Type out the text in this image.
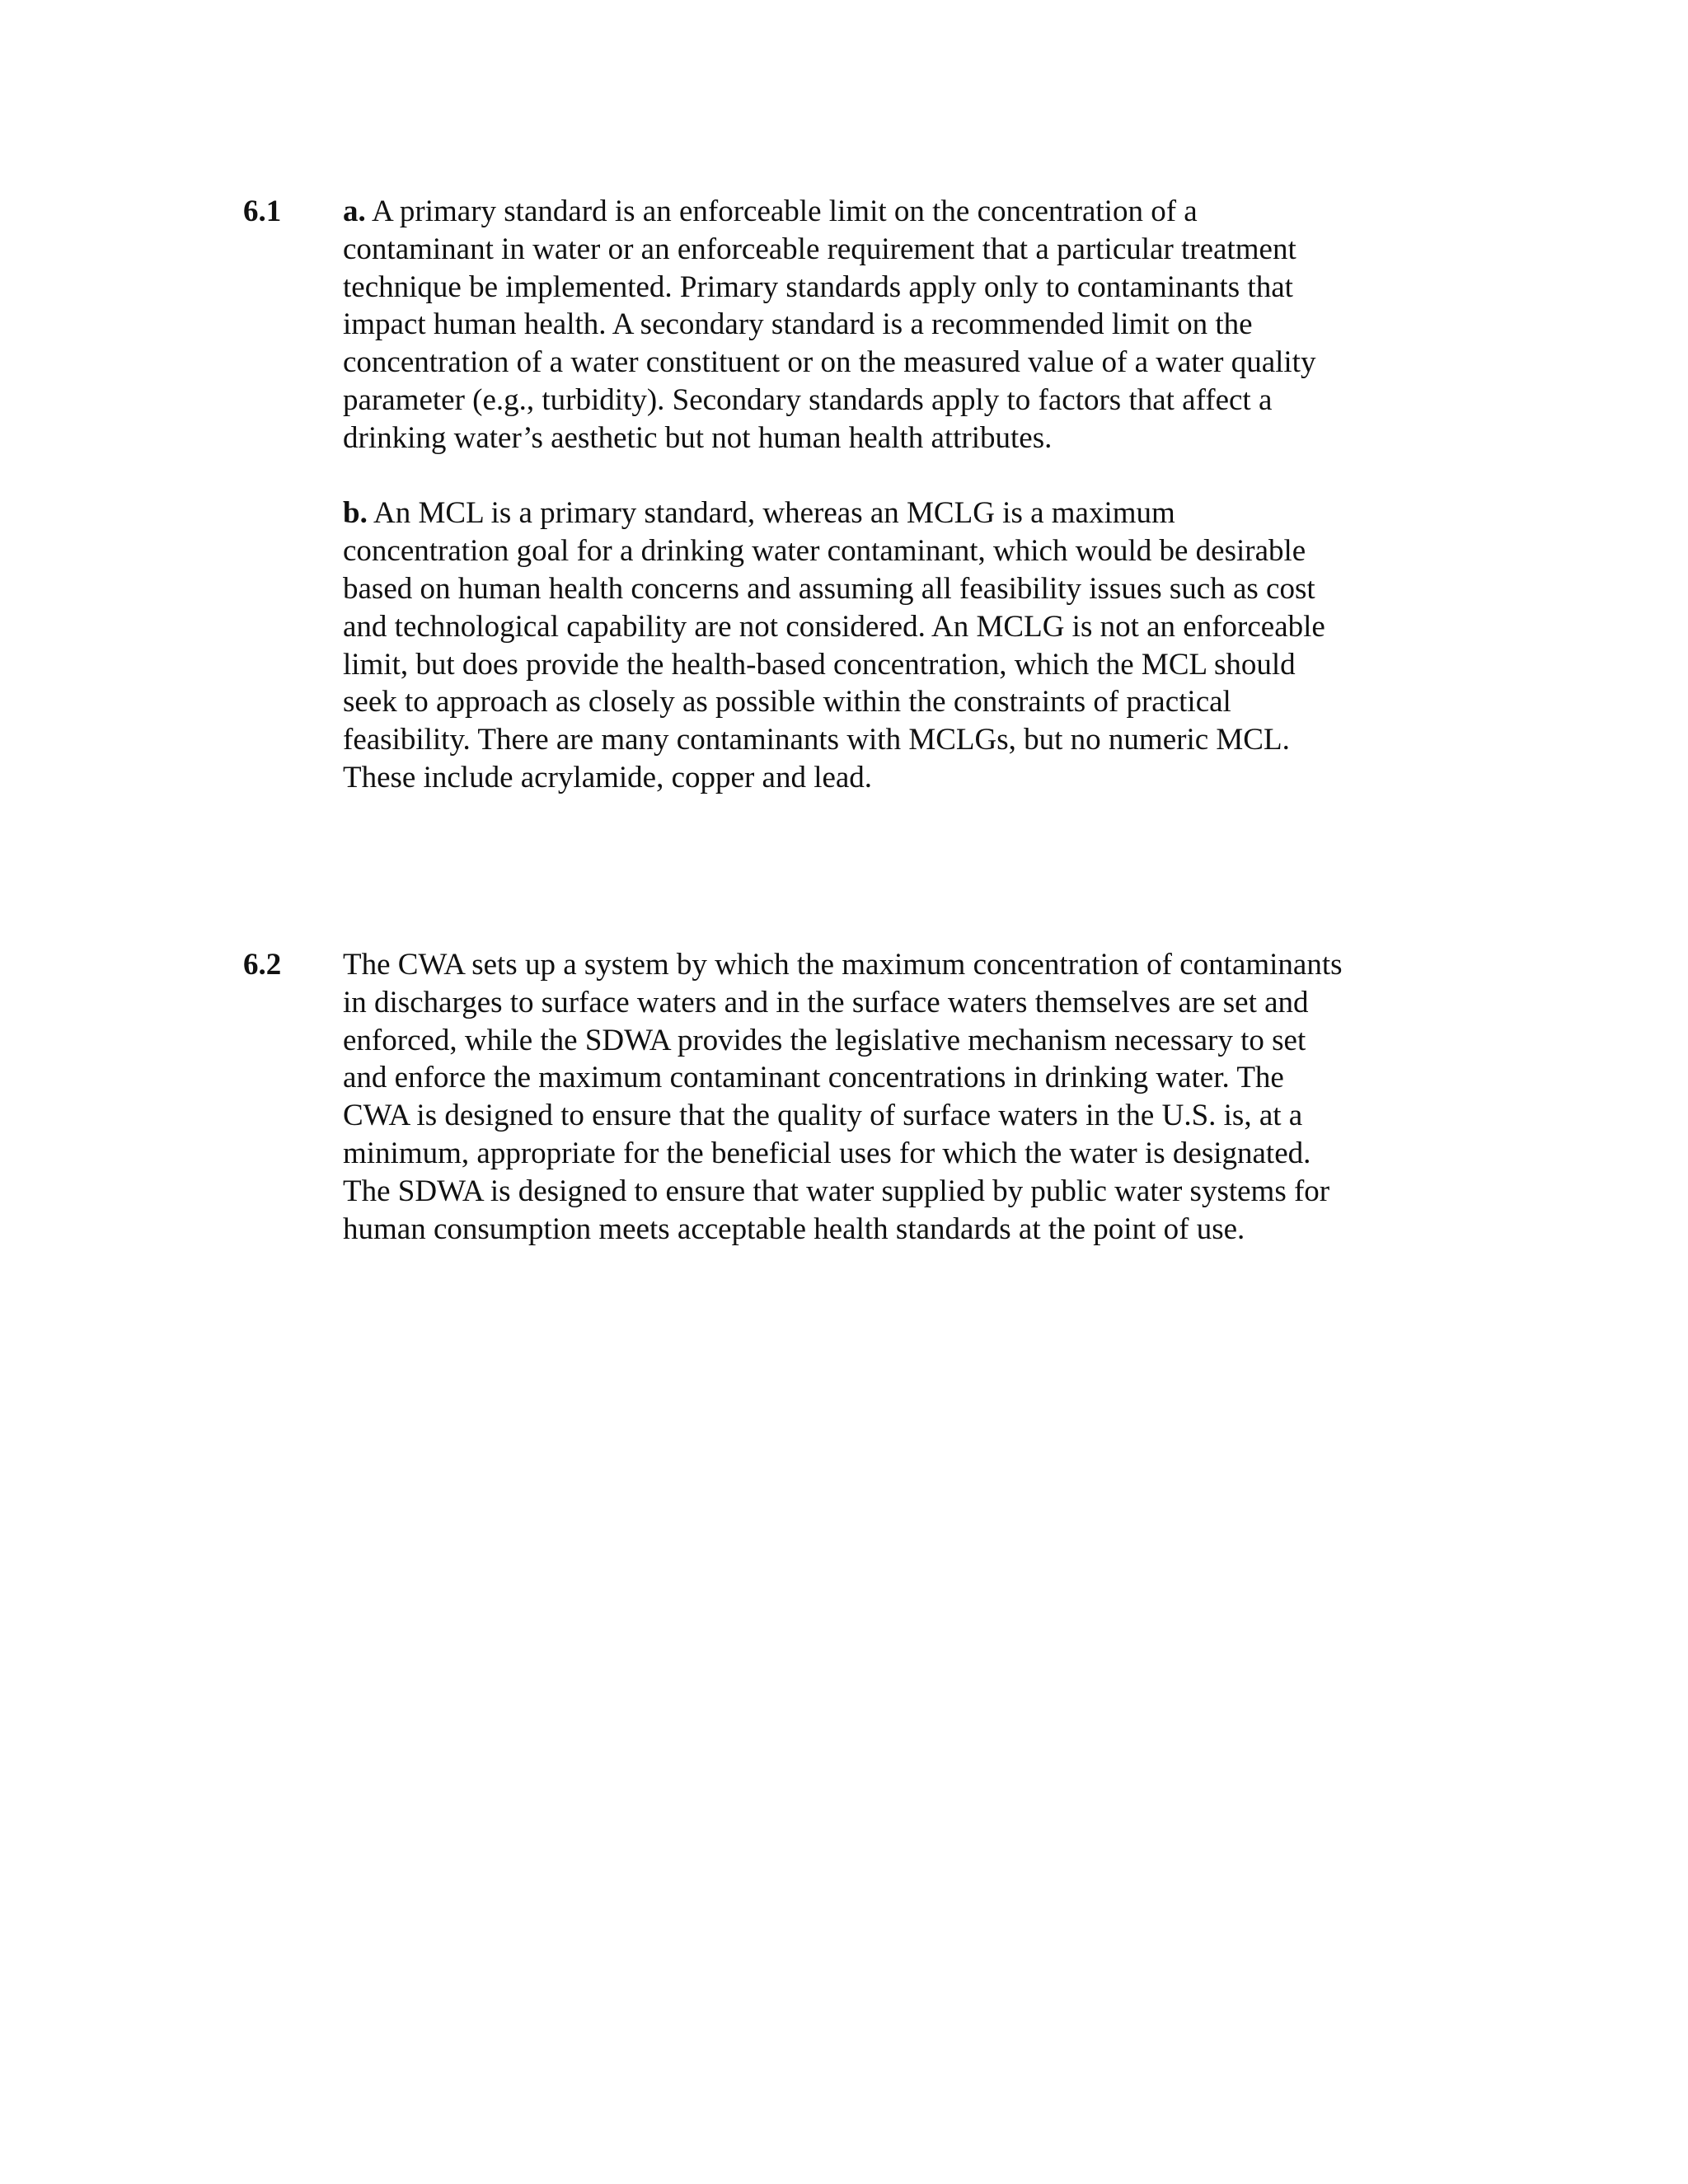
6.1 a. A primary standard is an enforceable limit on the concentration of a
contaminant in water or an enforceable requirement that a particular treatment
technique be implemented. Primary standards apply only to contaminants that
impact human health. A secondary standard is a recommended limit on the
concentration of a water constituent or on the measured value of a water quality
parameter (e.g., turbidity). Secondary standards apply to factors that affect a
drinking water’s aesthetic but not human health attributes.

b. An MCL is a primary standard, whereas an MCLG is a maximum
concentration goal for a drinking water contaminant, which would be desirable
based on human health concerns and assuming all feasibility issues such as cost
and technological capability are not considered. An MCLG is not an enforceable
limit, but does provide the health-based concentration, which the MCL should
seek to approach as closely as possible within the constraints of practical
feasibility. There are many contaminants with MCLGs, but no numeric MCL.
These include acrylamide, copper and lead.

6.2 The CWA sets up a system by which the maximum concentration of contaminants
in discharges to surface waters and in the surface waters themselves are set and
enforced, while the SDWA provides the legislative mechanism necessary to set
and enforce the maximum contaminant concentrations in drinking water. The
CWA is designed to ensure that the quality of surface waters in the U.S. is, at a
minimum, appropriate for the beneficial uses for which the water is designated.
The SDWA is designed to ensure that water supplied by public water systems for
human consumption meets acceptable health standards at the point of use.
